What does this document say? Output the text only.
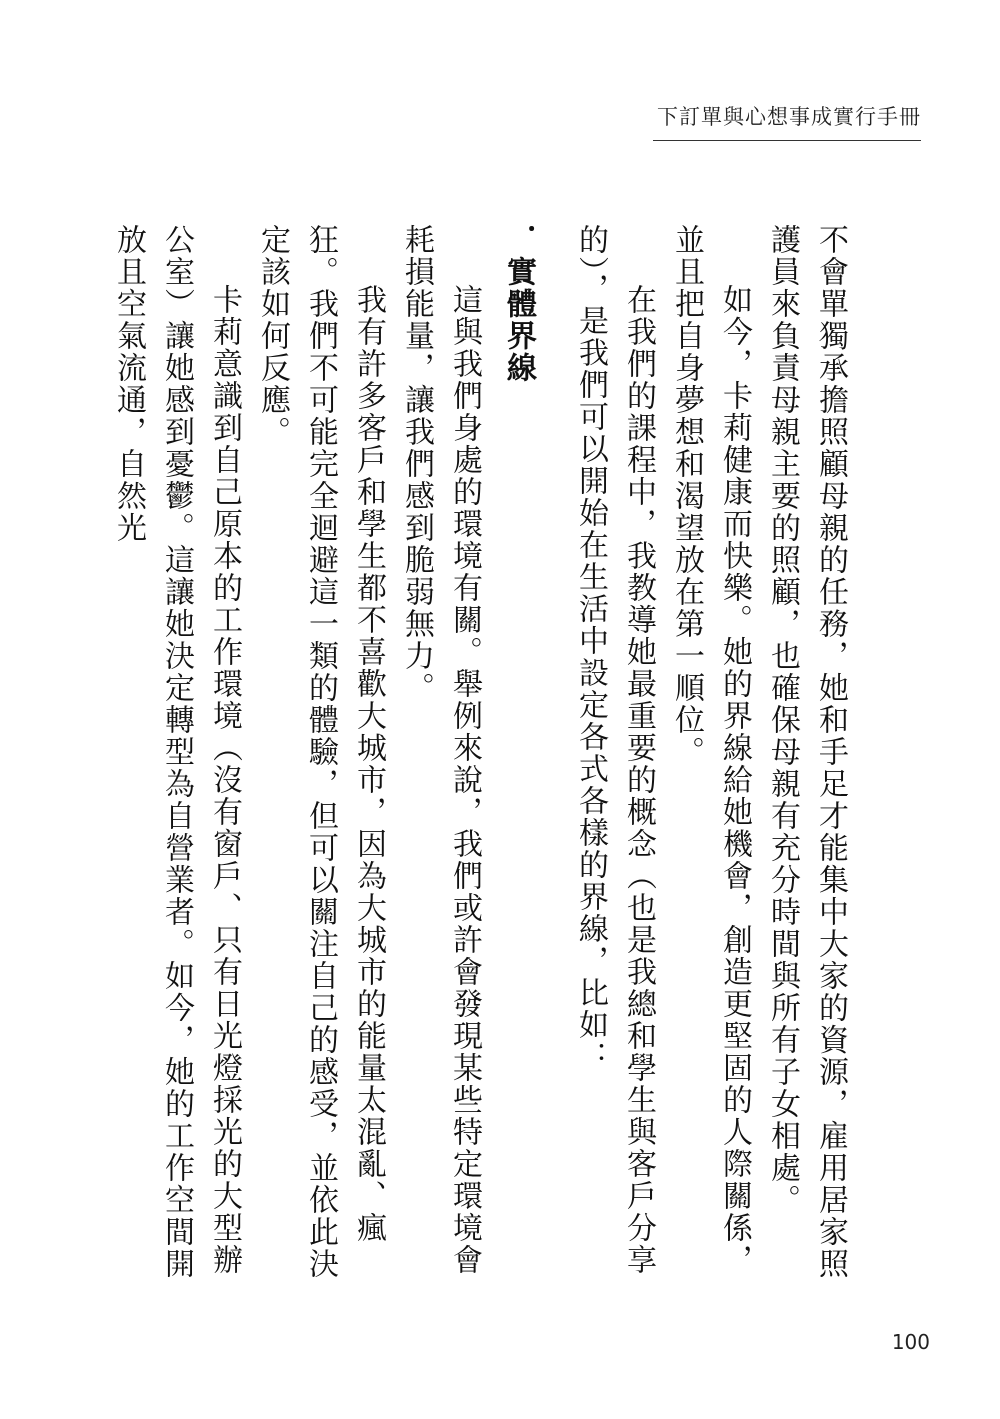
下訂單與心想事成實行手冊

不會單獨承擔照顧母親的任務，她和手足才能集中大家的資源，雇用居家照護員來負責母親主要的照顧，也確保母親有充分時間與所有子女相處。

如今，卡莉健康而快樂。她的界線給她機會，創造更堅固的人際關係，並且把自身夢想和渴望放在第一順位。

在我們的課程中，我教導她最重要的概念（也是我總和學生與客戶分享的），是我們可以開始在生活中設定各式各樣的界線，比如：

．實體界線

這與我們身處的環境有關。舉例來說，我們或許會發現某些特定環境會耗損能量，讓我們感到脆弱無力。

我有許多客戶和學生都不喜歡大城市，因為大城市的能量太混亂、瘋狂。我們不可能完全迴避這一類的體驗，但可以關注自己的感受，並依此決定該如何反應。

卡莉意識到自己原本的工作環境（沒有窗戶、只有日光燈採光的大型辦公室）讓她感到憂鬱。這讓她決定轉型為自營業者。如今，她的工作空間開放且空氣流通，自然光

100
